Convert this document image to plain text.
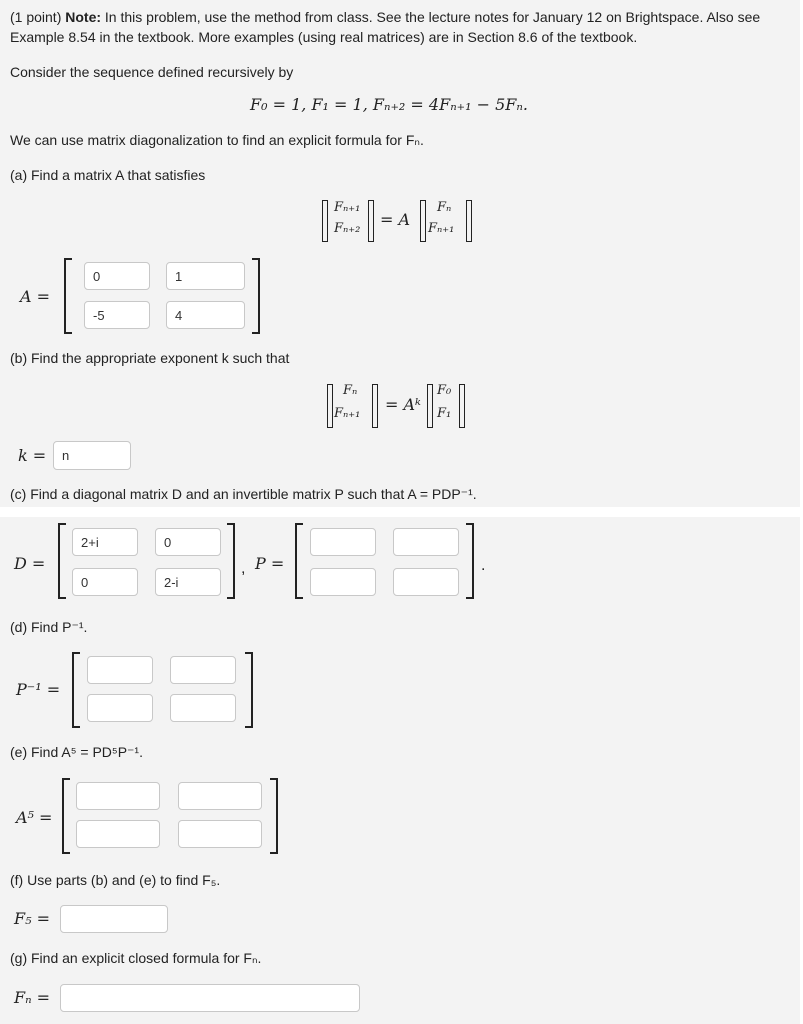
(1 point) Note: In this problem, use the method from class. See the lecture notes for January 12 on Brightspace. Also see
Example 8.54 in the textbook. More examples (using real matrices) are in Section 8.6 of the textbook.
Consider the sequence defined recursively by
F₀ = 1, F₁ = 1, Fₙ₊₂ = 4Fₙ₊₁ − 5Fₙ.
We can use matrix diagonalization to find an explicit formula for Fₙ.
(a) Find a matrix A that satisfies
Fₙ₊₁
Fₙ₊₂ = A
Fₙ
Fₙ₊₁
A =
0	1
-5	4
(b) Find the appropriate exponent k such that
Fₙ
Fₙ₊₁ = Aᵏ
F₀
F₁
k =	n
(c) Find a diagonal matrix D and an invertible matrix P such that A = PDP⁻¹.
D =
2+i	0
0	2-i
, P =	.
(d) Find P⁻¹.
P⁻¹ =
(e) Find A⁵ = PD⁵P⁻¹.
A⁵ =
(f) Use parts (b) and (e) to find F₅.
F₅ =
(g) Find an explicit closed formula for Fₙ.
Fₙ =
